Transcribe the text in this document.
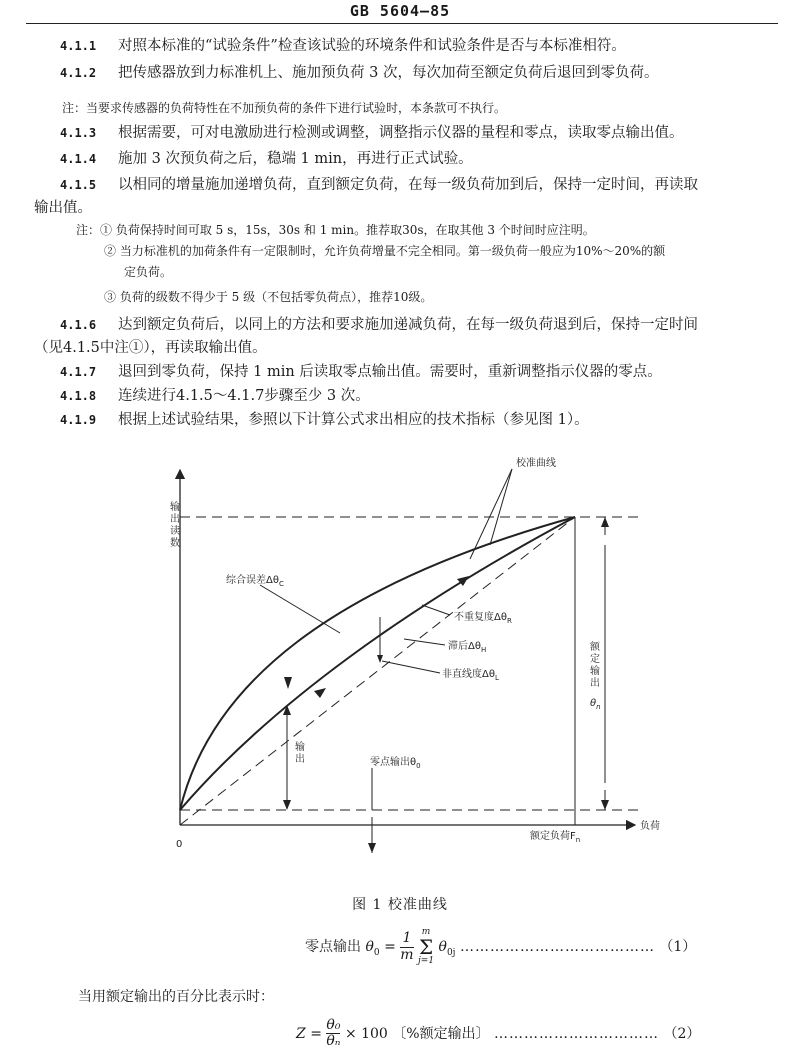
GB 5604—85
4.1.1 对照本标准的“试验条件”检查该试验的环境条件和试验条件是否与本标准相符。
4.1.2 把传感器放到力标准机上、施加预负荷 3 次，每次加荷至额定负荷后退回到零负荷。
注：当要求传感器的负荷特性在不加预负荷的条件下进行试验时，本条款可不执行。
4.1.3 根据需要，可对电激励进行检测或调整，调整指示仪器的量程和零点，读取零点输出值。
4.1.4 施加 3 次预负荷之后，稳端 1 min，再进行正式试验。
4.1.5 以相同的增量施加递增负荷，直到额定负荷，在每一级负荷加到后，保持一定时间，再读取
输出值。
注：① 负荷保持时间可取 5 s，15s，30s 和 1 min。推荐取30s，在取其他 3 个时间时应注明。
② 当力标准机的加荷条件有一定限制时，允许负荷增量不完全相同。第一级负荷一般应为10%～20%的额
定负荷。
③ 负荷的级数不得少于 5 级（不包括零负荷点），推荐10级。
4.1.6 达到额定负荷后，以同上的方法和要求施加递减负荷，在每一级负荷退到后，保持一定时间
（见4.1.5中注①），再读取输出值。
4.1.7 退回到零负荷，保持 1 min 后读取零点输出值。需要时，重新调整指示仪器的零点。
4.1.8 连续进行4.1.5～4.1.7步骤至少 3 次。
4.1.9 根据上述试验结果，参照以下计算公式求出相应的技术指标（参见图 1）。
校准曲线
输出读数
综合误差$\Delta\theta_C$
不重复度$\Delta\theta_R$
滞后$\Delta\theta_H$
非直线度$\Delta\theta_L$
输出	零点输出$\theta_0$
额定输出
$\theta_n$
0
负荷
额定负荷$F_n$
图 1 校准曲线
零点输出 $\theta_0 = \frac{1}{m}$
m
Σ
j=1
$\theta_{0j}$ ………………………………… （1）
当用额定输出的百分比表示时：
$Z = \frac{\text{θ₀}}{\text{θₙ}} \times 100$ 〔%额定输出〕 …………………………… （2）
